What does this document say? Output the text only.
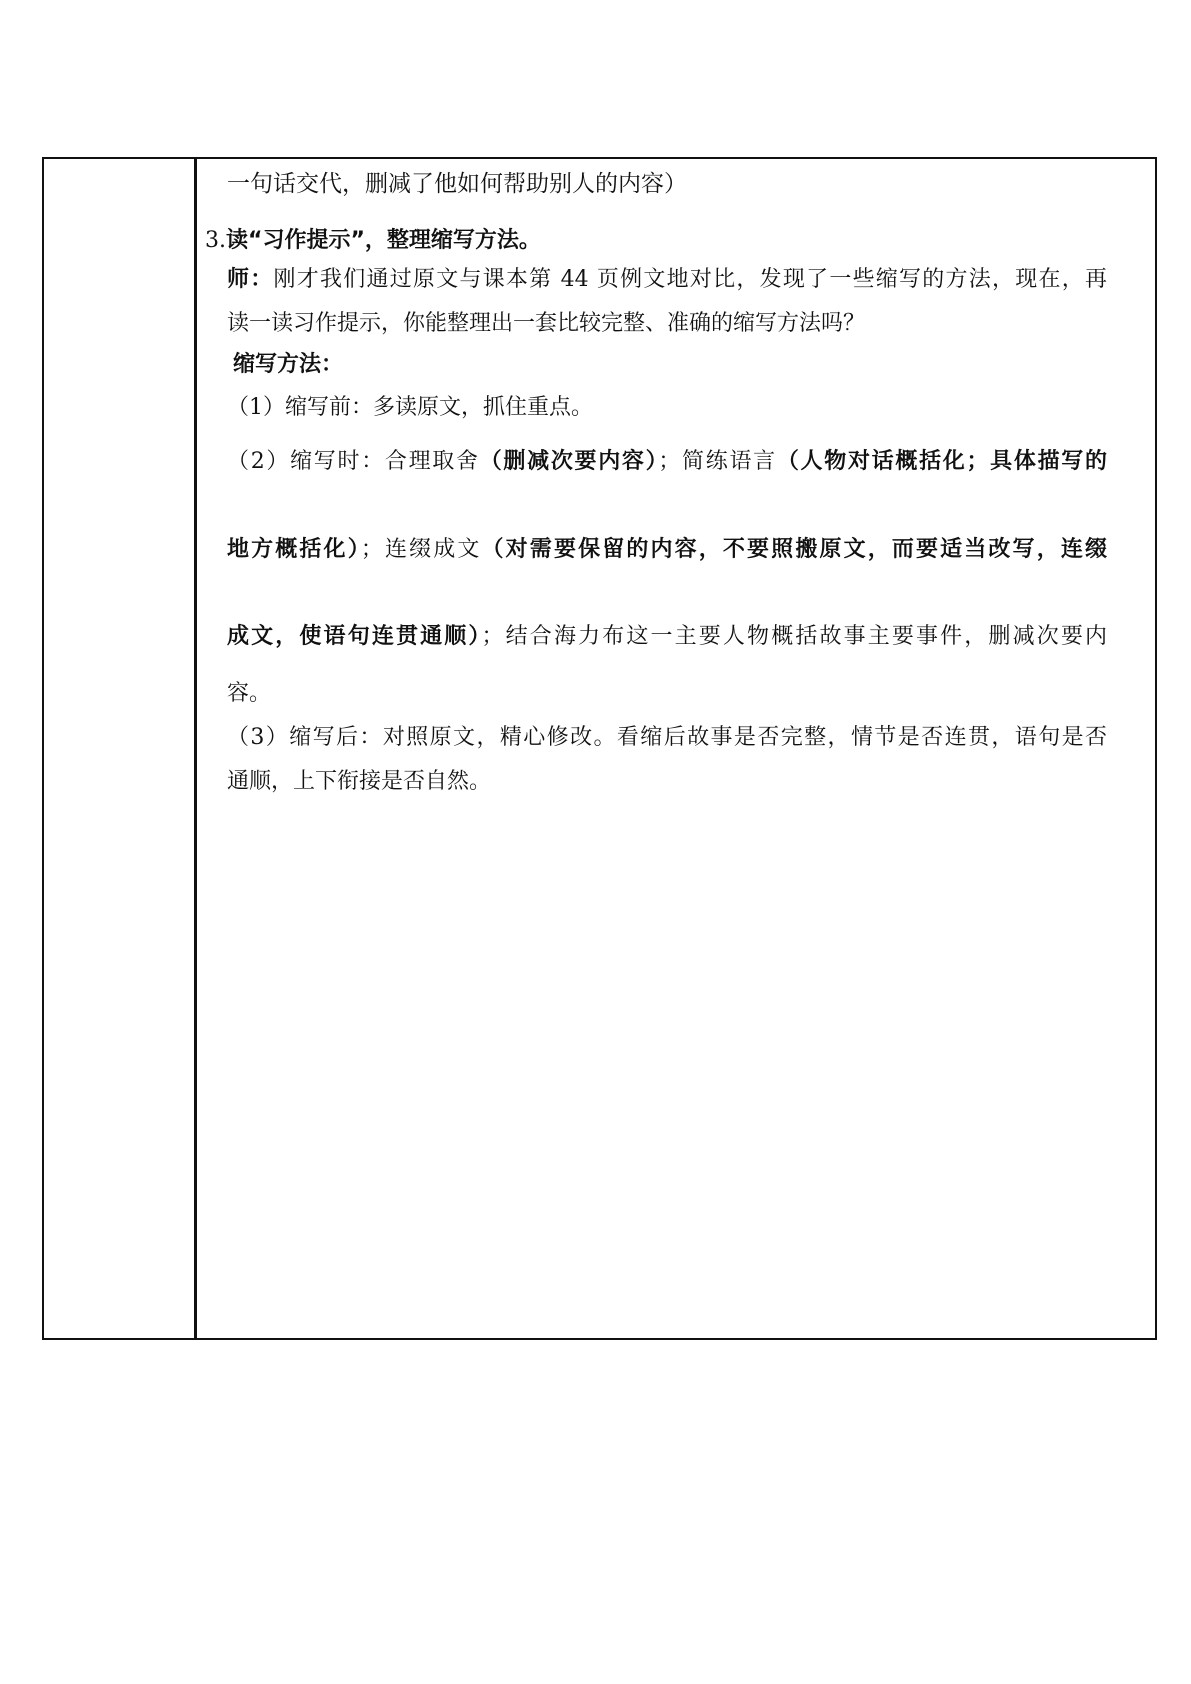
一句话交代，删减了他如何帮助别人的内容）
3.读“习作提示”，整理缩写方法。
师：刚才我们通过原文与课本第 44 页例文地对比，发现了一些缩写的方法，现在，再
读一读习作提示，你能整理出一套比较完整、准确的缩写方法吗？
缩写方法：
（1）缩写前：多读原文，抓住重点。
（2）缩写时：合理取舍（删减次要内容）；简练语言（人物对话概括化；具体描写的
地方概括化）；连缀成文（对需要保留的内容，不要照搬原文，而要适当改写，连缀
成文，使语句连贯通顺）；结合海力布这一主要人物概括故事主要事件，删减次要内
容。
（3）缩写后：对照原文，精心修改。看缩后故事是否完整，情节是否连贯，语句是否
通顺，上下衔接是否自然。
